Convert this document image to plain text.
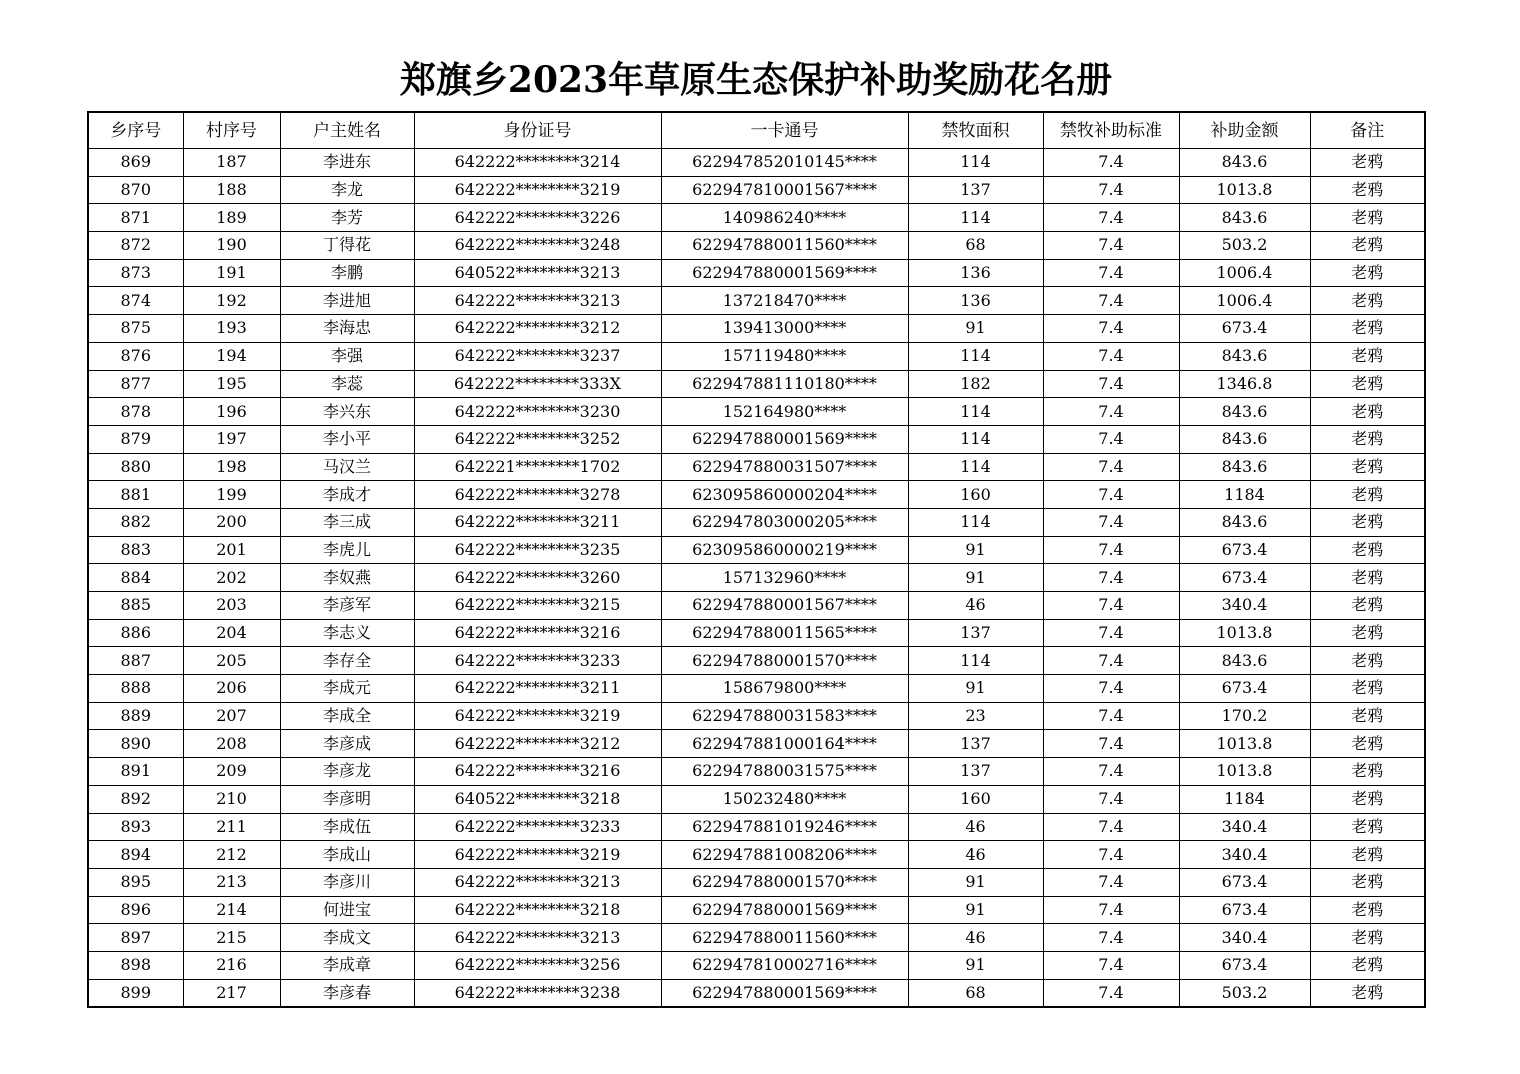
郑旗乡2023年草原生态保护补助奖励花名册
乡序号	村序号	户主姓名	身份证号	一卡通号	禁牧面积	禁牧补助标准	补助金额	备注
869	187	李进东	642222********3214	622947852010145****	114	7.4	843.6	老鸦
870	188	李龙	642222********3219	622947810001567****	137	7.4	1013.8	老鸦
871	189	李芳	642222********3226	140986240****	114	7.4	843.6	老鸦
872	190	丁得花	642222********3248	622947880011560****	68	7.4	503.2	老鸦
873	191	李鹏	640522********3213	622947880001569****	136	7.4	1006.4	老鸦
874	192	李进旭	642222********3213	137218470****	136	7.4	1006.4	老鸦
875	193	李海忠	642222********3212	139413000****	91	7.4	673.4	老鸦
876	194	李强	642222********3237	157119480****	114	7.4	843.6	老鸦
877	195	李蕊	642222********333X	622947881110180****	182	7.4	1346.8	老鸦
878	196	李兴东	642222********3230	152164980****	114	7.4	843.6	老鸦
879	197	李小平	642222********3252	622947880001569****	114	7.4	843.6	老鸦
880	198	马汉兰	642221********1702	622947880031507****	114	7.4	843.6	老鸦
881	199	李成才	642222********3278	623095860000204****	160	7.4	1184	老鸦
882	200	李三成	642222********3211	622947803000205****	114	7.4	843.6	老鸦
883	201	李虎儿	642222********3235	623095860000219****	91	7.4	673.4	老鸦
884	202	李奴燕	642222********3260	157132960****	91	7.4	673.4	老鸦
885	203	李彦军	642222********3215	622947880001567****	46	7.4	340.4	老鸦
886	204	李志义	642222********3216	622947880011565****	137	7.4	1013.8	老鸦
887	205	李存全	642222********3233	622947880001570****	114	7.4	843.6	老鸦
888	206	李成元	642222********3211	158679800****	91	7.4	673.4	老鸦
889	207	李成全	642222********3219	622947880031583****	23	7.4	170.2	老鸦
890	208	李彦成	642222********3212	622947881000164****	137	7.4	1013.8	老鸦
891	209	李彦龙	642222********3216	622947880031575****	137	7.4	1013.8	老鸦
892	210	李彦明	640522********3218	150232480****	160	7.4	1184	老鸦
893	211	李成伍	642222********3233	622947881019246****	46	7.4	340.4	老鸦
894	212	李成山	642222********3219	622947881008206****	46	7.4	340.4	老鸦
895	213	李彦川	642222********3213	622947880001570****	91	7.4	673.4	老鸦
896	214	何进宝	642222********3218	622947880001569****	91	7.4	673.4	老鸦
897	215	李成文	642222********3213	622947880011560****	46	7.4	340.4	老鸦
898	216	李成章	642222********3256	622947810002716****	91	7.4	673.4	老鸦
899	217	李彦春	642222********3238	622947880001569****	68	7.4	503.2	老鸦
